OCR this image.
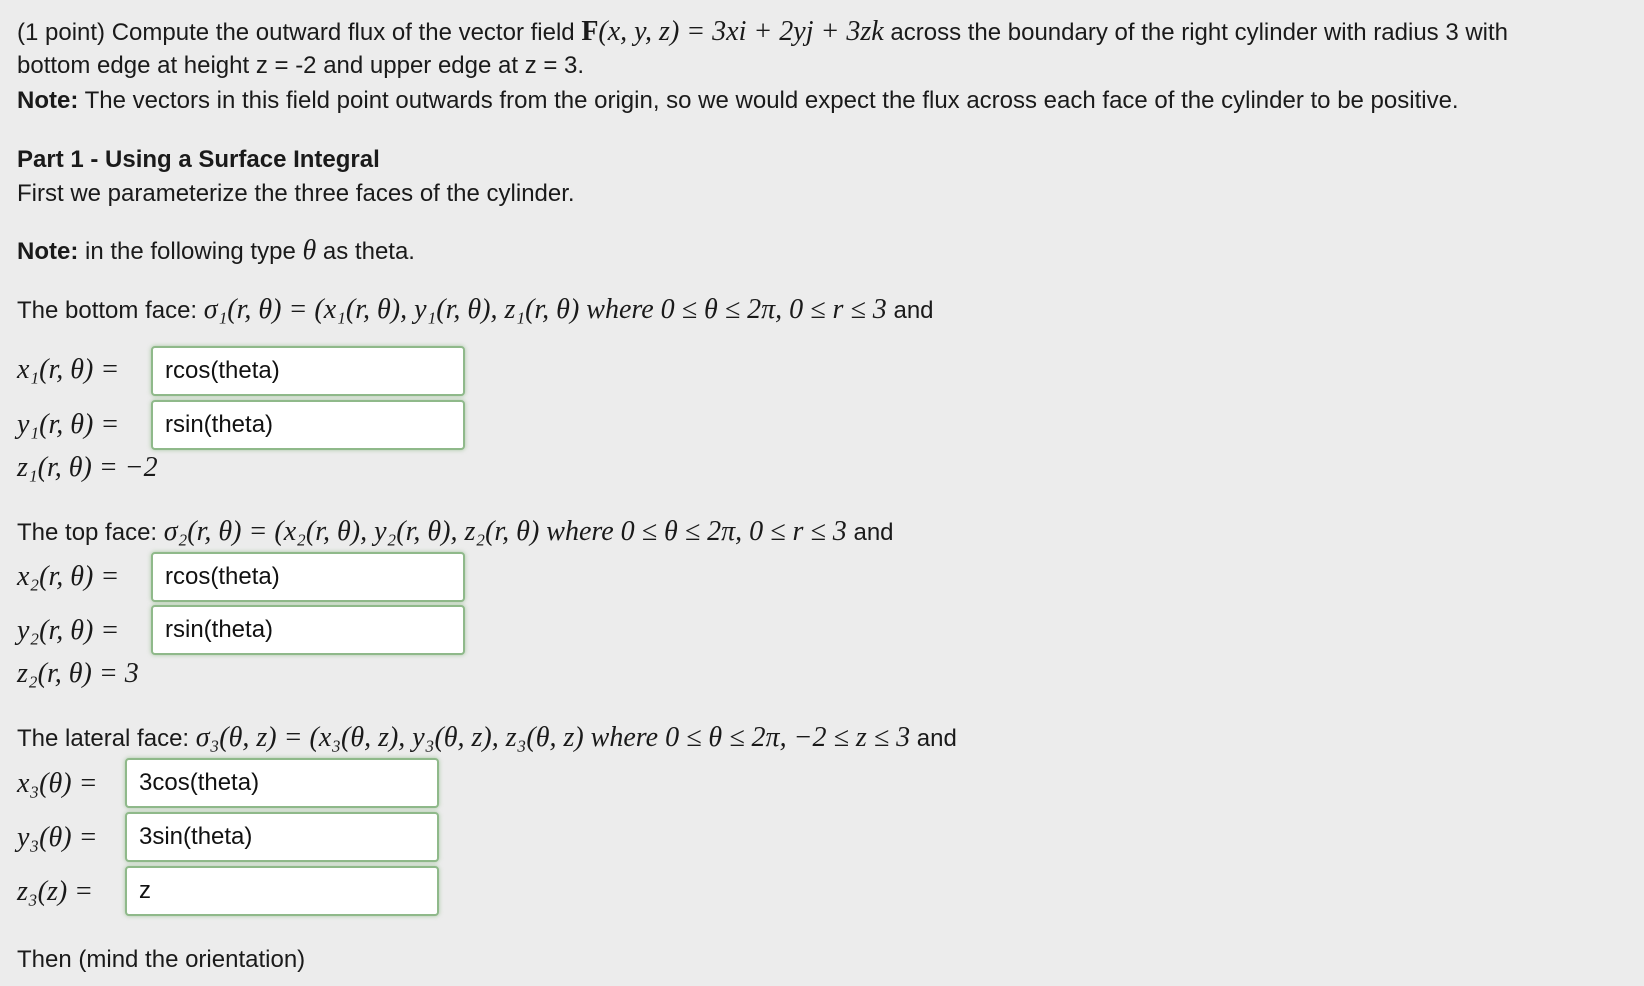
(1 point) Compute the outward flux of the vector field F(x, y, z) = 3xi + 2yj + 3zk across the boundary of the right cylinder with radius 3 with
bottom edge at height z = -2 and upper edge at z = 3.
Note: The vectors in this field point outwards from the origin, so we would expect the flux across each face of the cylinder to be positive.
Part 1 - Using a Surface Integral
First we parameterize the three faces of the cylinder.
Note: in the following type θ as theta.
The bottom face: σ₁(r, θ) = (x₁(r, θ), y₁(r, θ), z₁(r, θ) where 0 ≤ θ ≤ 2π, 0 ≤ r ≤ 3 and
x₁(r, θ) =
rcos(theta)
y₁(r, θ) =
rsin(theta)
z₁(r, θ) = −2
The top face: σ₂(r, θ) = (x₂(r, θ), y₂(r, θ), z₂(r, θ) where 0 ≤ θ ≤ 2π, 0 ≤ r ≤ 3 and
x₂(r, θ) =
rcos(theta)
y₂(r, θ) =
rsin(theta)
z₂(r, θ) = 3
The lateral face: σ₃(θ, z) = (x₃(θ, z), y₃(θ, z), z₃(θ, z) where 0 ≤ θ ≤ 2π, −2 ≤ z ≤ 3 and
x₃(θ) =
3cos(theta)
y₃(θ) =
3sin(theta)
z₃(z) =
z
Then (mind the orientation)
